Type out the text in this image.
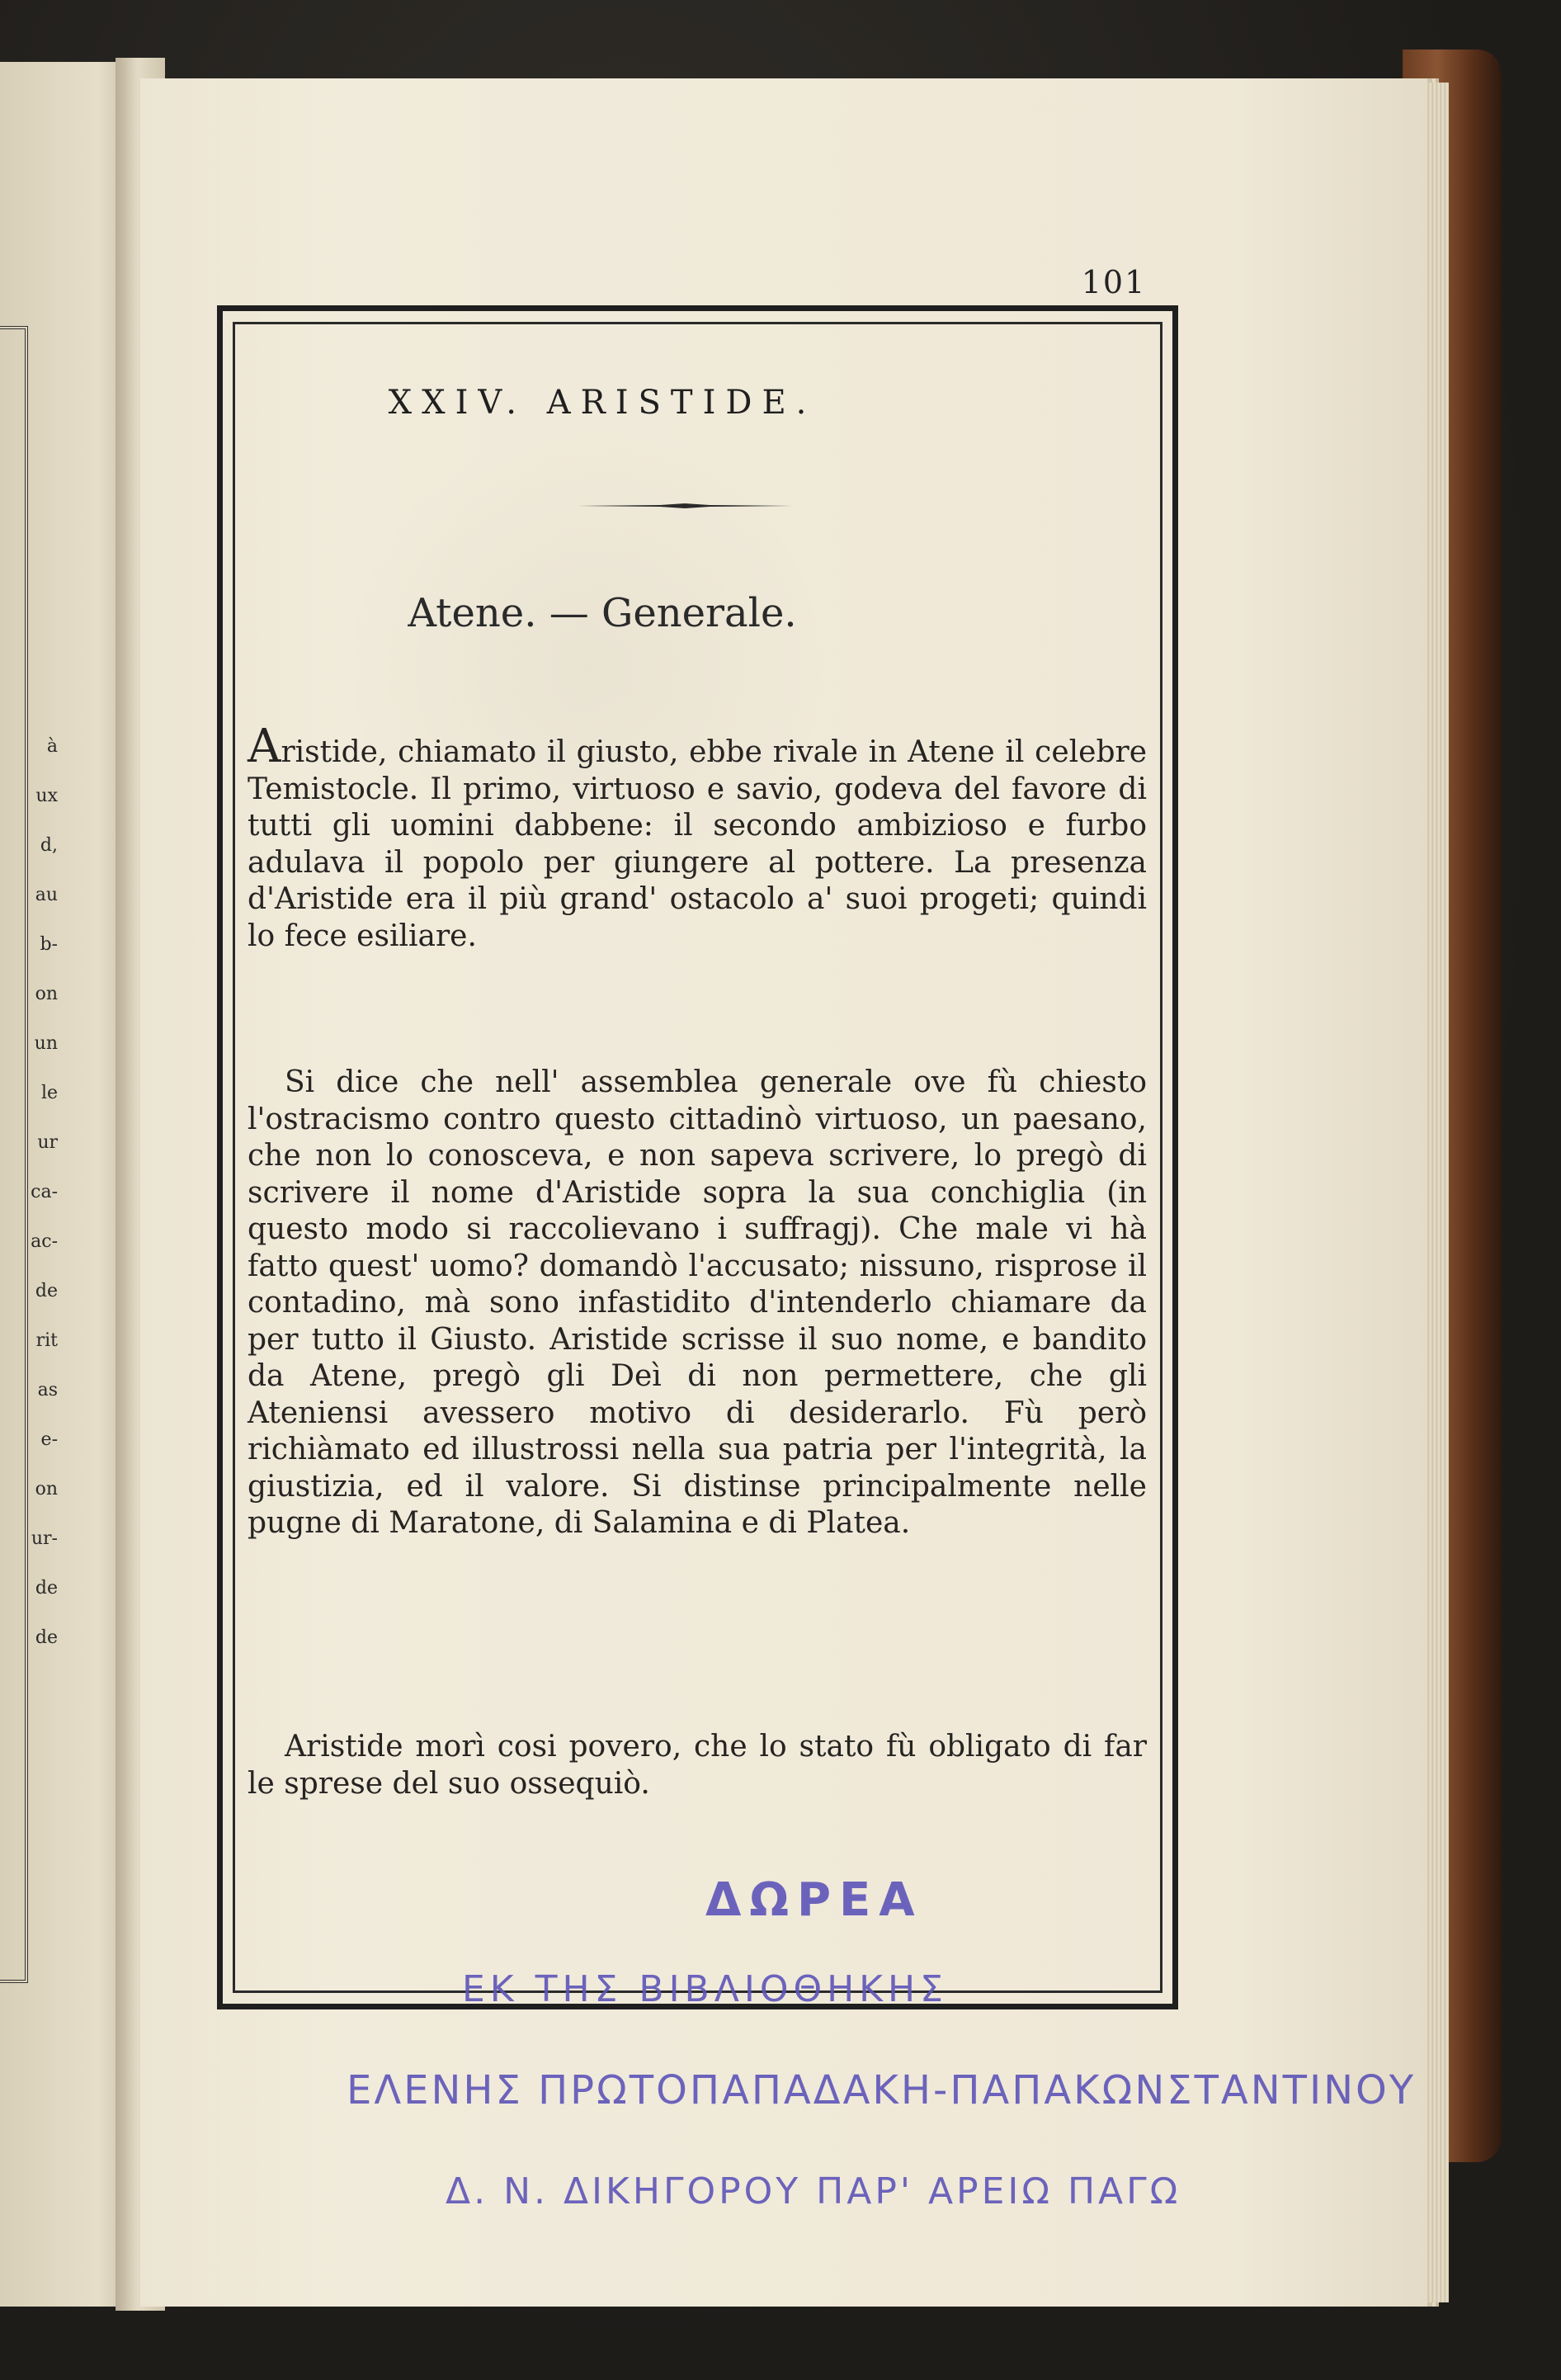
à
ux
d,
au
b-
on
un
le
ur
ca-
ac-
de
rit
as
e-
on
ur-
de
de
101
XXIV. ARISTIDE.
Atene. — Generale.
Aristide, chiamato il giusto, ebbe rivale in Atene il celebre Temistocle. Il primo, virtuoso e savio, godeva del favore di tutti gli uomini dabbene: il secondo ambizioso e furbo adulava il popolo per giungere al pottere. La presenza d'Aristide era il più grand' ostacolo a' suoi progeti; quindi lo fece esiliare.
Si dice che nell' assemblea generale ove fù chiesto l'ostracismo contro questo cittadinò virtuoso, un paesano, che non lo conosceva, e non sapeva scrivere, lo pregò di scrivere il nome d'Aristide sopra la sua conchiglia (in questo modo si raccolievano i suffragj). Che male vi hà fatto quest' uomo? domandò l'accusato; nissuno, risprose il contadino, mà sono infastidito d'intenderlo chiamare da per tutto il Giusto. Aristide scrisse il suo nome, e bandito da Atene, pregò gli Deì di non permettere, che gli Ateniensi avessero motivo di desiderarlo. Fù però richiàmato ed illustrossi nella sua patria per l'integrità, la giustizia, ed il valore. Si distinse principalmente nelle pugne di Maratone, di Salamina e di Platea.
Aristide morì cosi povero, che lo stato fù obligato di far le sprese del suo ossequiò.
ΔΩΡΕΑ
ΕΚ ΤΗΣ ΒΙΒΛΙΟΘΗΚΗΣ
ΕΛΕΝΗΣ ΠΡΩΤΟΠΑΠΑΔΑΚΗ-ΠΑΠΑΚΩΝΣΤΑΝΤΙΝΟΥ
Δ. Ν. ΔΙΚΗΓΟΡΟΥ ΠΑΡ' ΑΡΕΙΩ ΠΑΓΩ
